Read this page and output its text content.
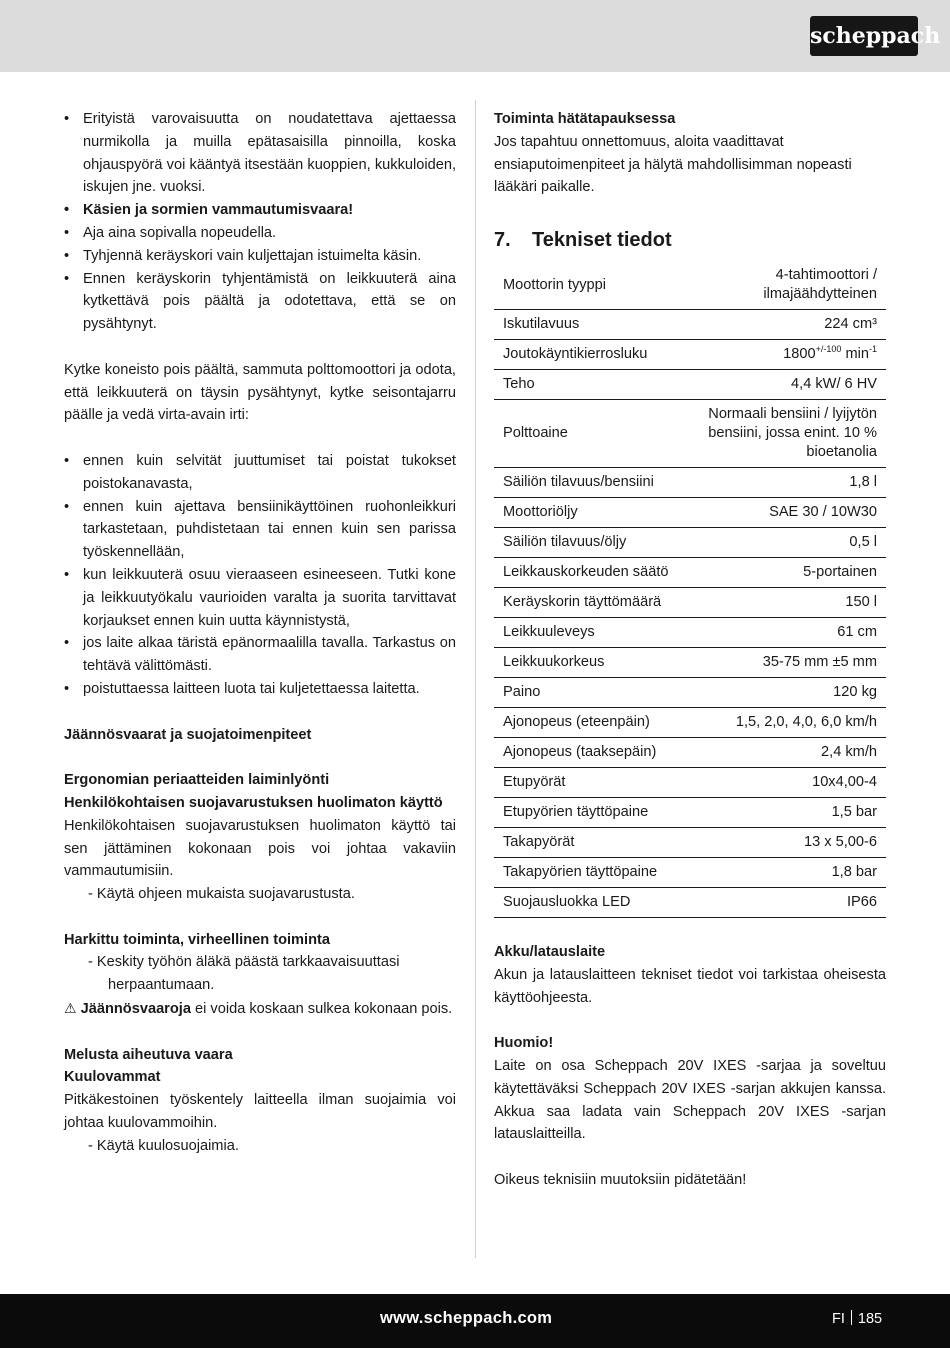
scheppach
• Erityistä varovaisuutta on noudatettava ajettaessa nurmikolla ja muilla epätasaisilla pinnoilla, koska ohjauspyörä voi kääntyä itsestään kuoppien, kukkuloiden, iskujen jne. vuoksi.
• Käsien ja sormien vammautumisvaara!
• Aja aina sopivalla nopeudella.
• Tyhjennä keräyskori vain kuljettajan istuimelta käsin.
• Ennen keräyskorin tyhjentämistä on leikkuuterä aina kytkettävä pois päältä ja odotettava, että se on pysähtynyt.

Kytke koneisto pois päältä, sammuta polttomoottori ja odota, että leikkuuterä on täysin pysähtynyt, kytke seisontajarru päälle ja vedä virta-avain irti:

• ennen kuin selvität juuttumiset tai poistat tukokset poistokanavasta,
• ennen kuin ajettava bensiinikäyttöinen ruohonleikkuri tarkastetaan, puhdistetaan tai ennen kuin sen parissa työskennellään,
• kun leikkuuterä osuu vieraaseen esineeseen. Tutki kone ja leikkuutyökalu vaurioiden varalta ja suorita tarvittavat korjaukset ennen kuin uutta käynnistystä,
• jos laite alkaa täristä epänormaalilla tavalla. Tarkastus on tehtävä välittömästi.
• poistuttaessa laitteen luota tai kuljetettaessa laitetta.

Jäännösvaarat ja suojatoimenpiteet

Ergonomian periaatteiden laiminlyönti

Henkilökohtaisen suojavarustuksen huolimaton käyttö

Henkilökohtaisen suojavarustuksen huolimaton käyttö tai sen jättäminen kokonaan pois voi johtaa vakaviin vammautumisiin.

- Käytä ohjeen mukaista suojavarustusta.

Harkittu toiminta, virheellinen toiminta

- Keskity työhön äläkä päästä tarkkaavaisuuttasi

herpaantumaan.

⚠ Jäännösvaaroja ei voida koskaan sulkea kokonaan pois.

Melusta aiheutuva vaara

Kuulovammat

Pitkäkestoinen työskentely laitteella ilman suojaimia voi johtaa kuulovammoihin.

- Käytä kuulosuojaimia.

Toiminta hätätapauksessa

Jos tapahtuu onnettomuus, aloita vaadittavat ensiaputoimenpiteet ja hälytä mahdollisimman nopeasti lääkäri paikalle.

7. Tekniset tiedot
Moottorin tyyppi	4-tahtimoottori / ilmajäähdytteinen
Iskutilavuus	224 cm³
Joutokäyntikierrosluku	$1800^{+/-100}$ $\min^{-1}$
Teho	4,4 kW/ 6 HV
Polttoaine	Normaali bensiini / lyijytön bensiini, jossa enint. 10 % bioetanolia
Säiliön tilavuus/bensiini	1,8 l
Moottoriöljy	SAE 30 / 10W30
Säiliön tilavuus/öljy	0,5 l
Leikkauskorkeuden säätö	5-portainen
Keräyskorin täyttömäärä	150 l
Leikkuuleveys	61 cm
Leikkuukorkeus	35-75 mm ±5 mm
Paino	120 kg
Ajonopeus (eteenpäin)	1,5, 2,0, 4,0, 6,0 km/h
Ajonopeus (taaksepäin)	2,4 km/h
Etupyörät	10x4,00-4
Etupyörien täyttöpaine	1,5 bar
Takapyörät	13 x 5,00-6
Takapyörien täyttöpaine	1,8 bar
Suojausluokka LED	IP66

Akku/latauslaite

Akun ja latauslaitteen tekniset tiedot voi tarkistaa oheisesta käyttöohjeesta.

Huomio!

Laite on osa Scheppach 20V IXES -sarjaa ja soveltuu käytettäväksi Scheppach 20V IXES -sarjan akkujen kanssa. Akkua saa ladata vain Scheppach 20V IXES -sarjan latauslaitteilla.

Oikeus teknisiin muutoksiin pidätetään!

www.scheppach.com	FI 185
